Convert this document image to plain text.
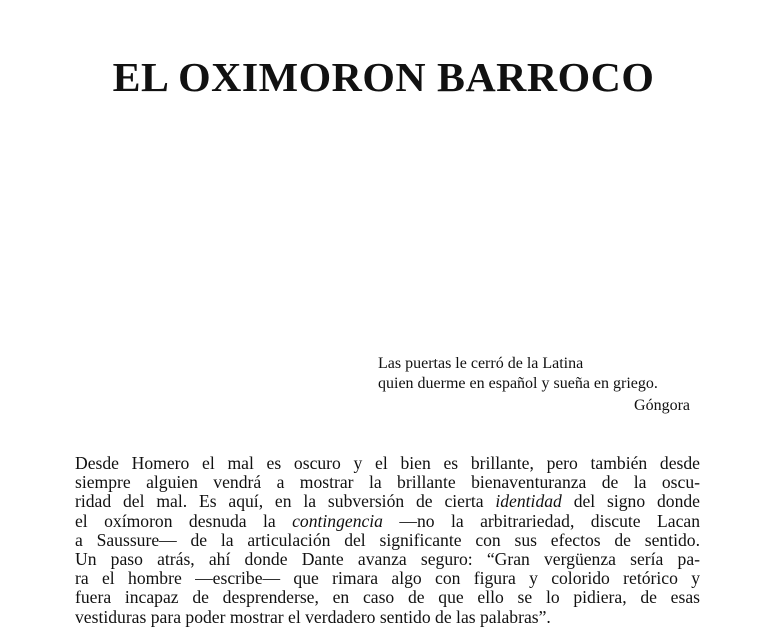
EL OXIMORON BARROCO
Las puertas le cerró de la Latina
quien duerme en español y sueña en griego.
Góngora
Desde Homero el mal es oscuro y el bien es brillante, pero también desde
siempre alguien vendrá a mostrar la brillante bienaventuranza de la oscu-
ridad del mal. Es aquí, en la subversión de cierta identidad del signo donde
el oxímoron desnuda la contingencia —no la arbitrariedad, discute Lacan
a Saussure— de la articulación del significante con sus efectos de sentido.
Un paso atrás, ahí donde Dante avanza seguro: “Gran vergüenza sería pa-
ra el hombre —escribe— que rimara algo con figura y colorido retórico y
fuera incapaz de desprenderse, en caso de que ello se lo pidiera, de esas
vestiduras para poder mostrar el verdadero sentido de las palabras”.
